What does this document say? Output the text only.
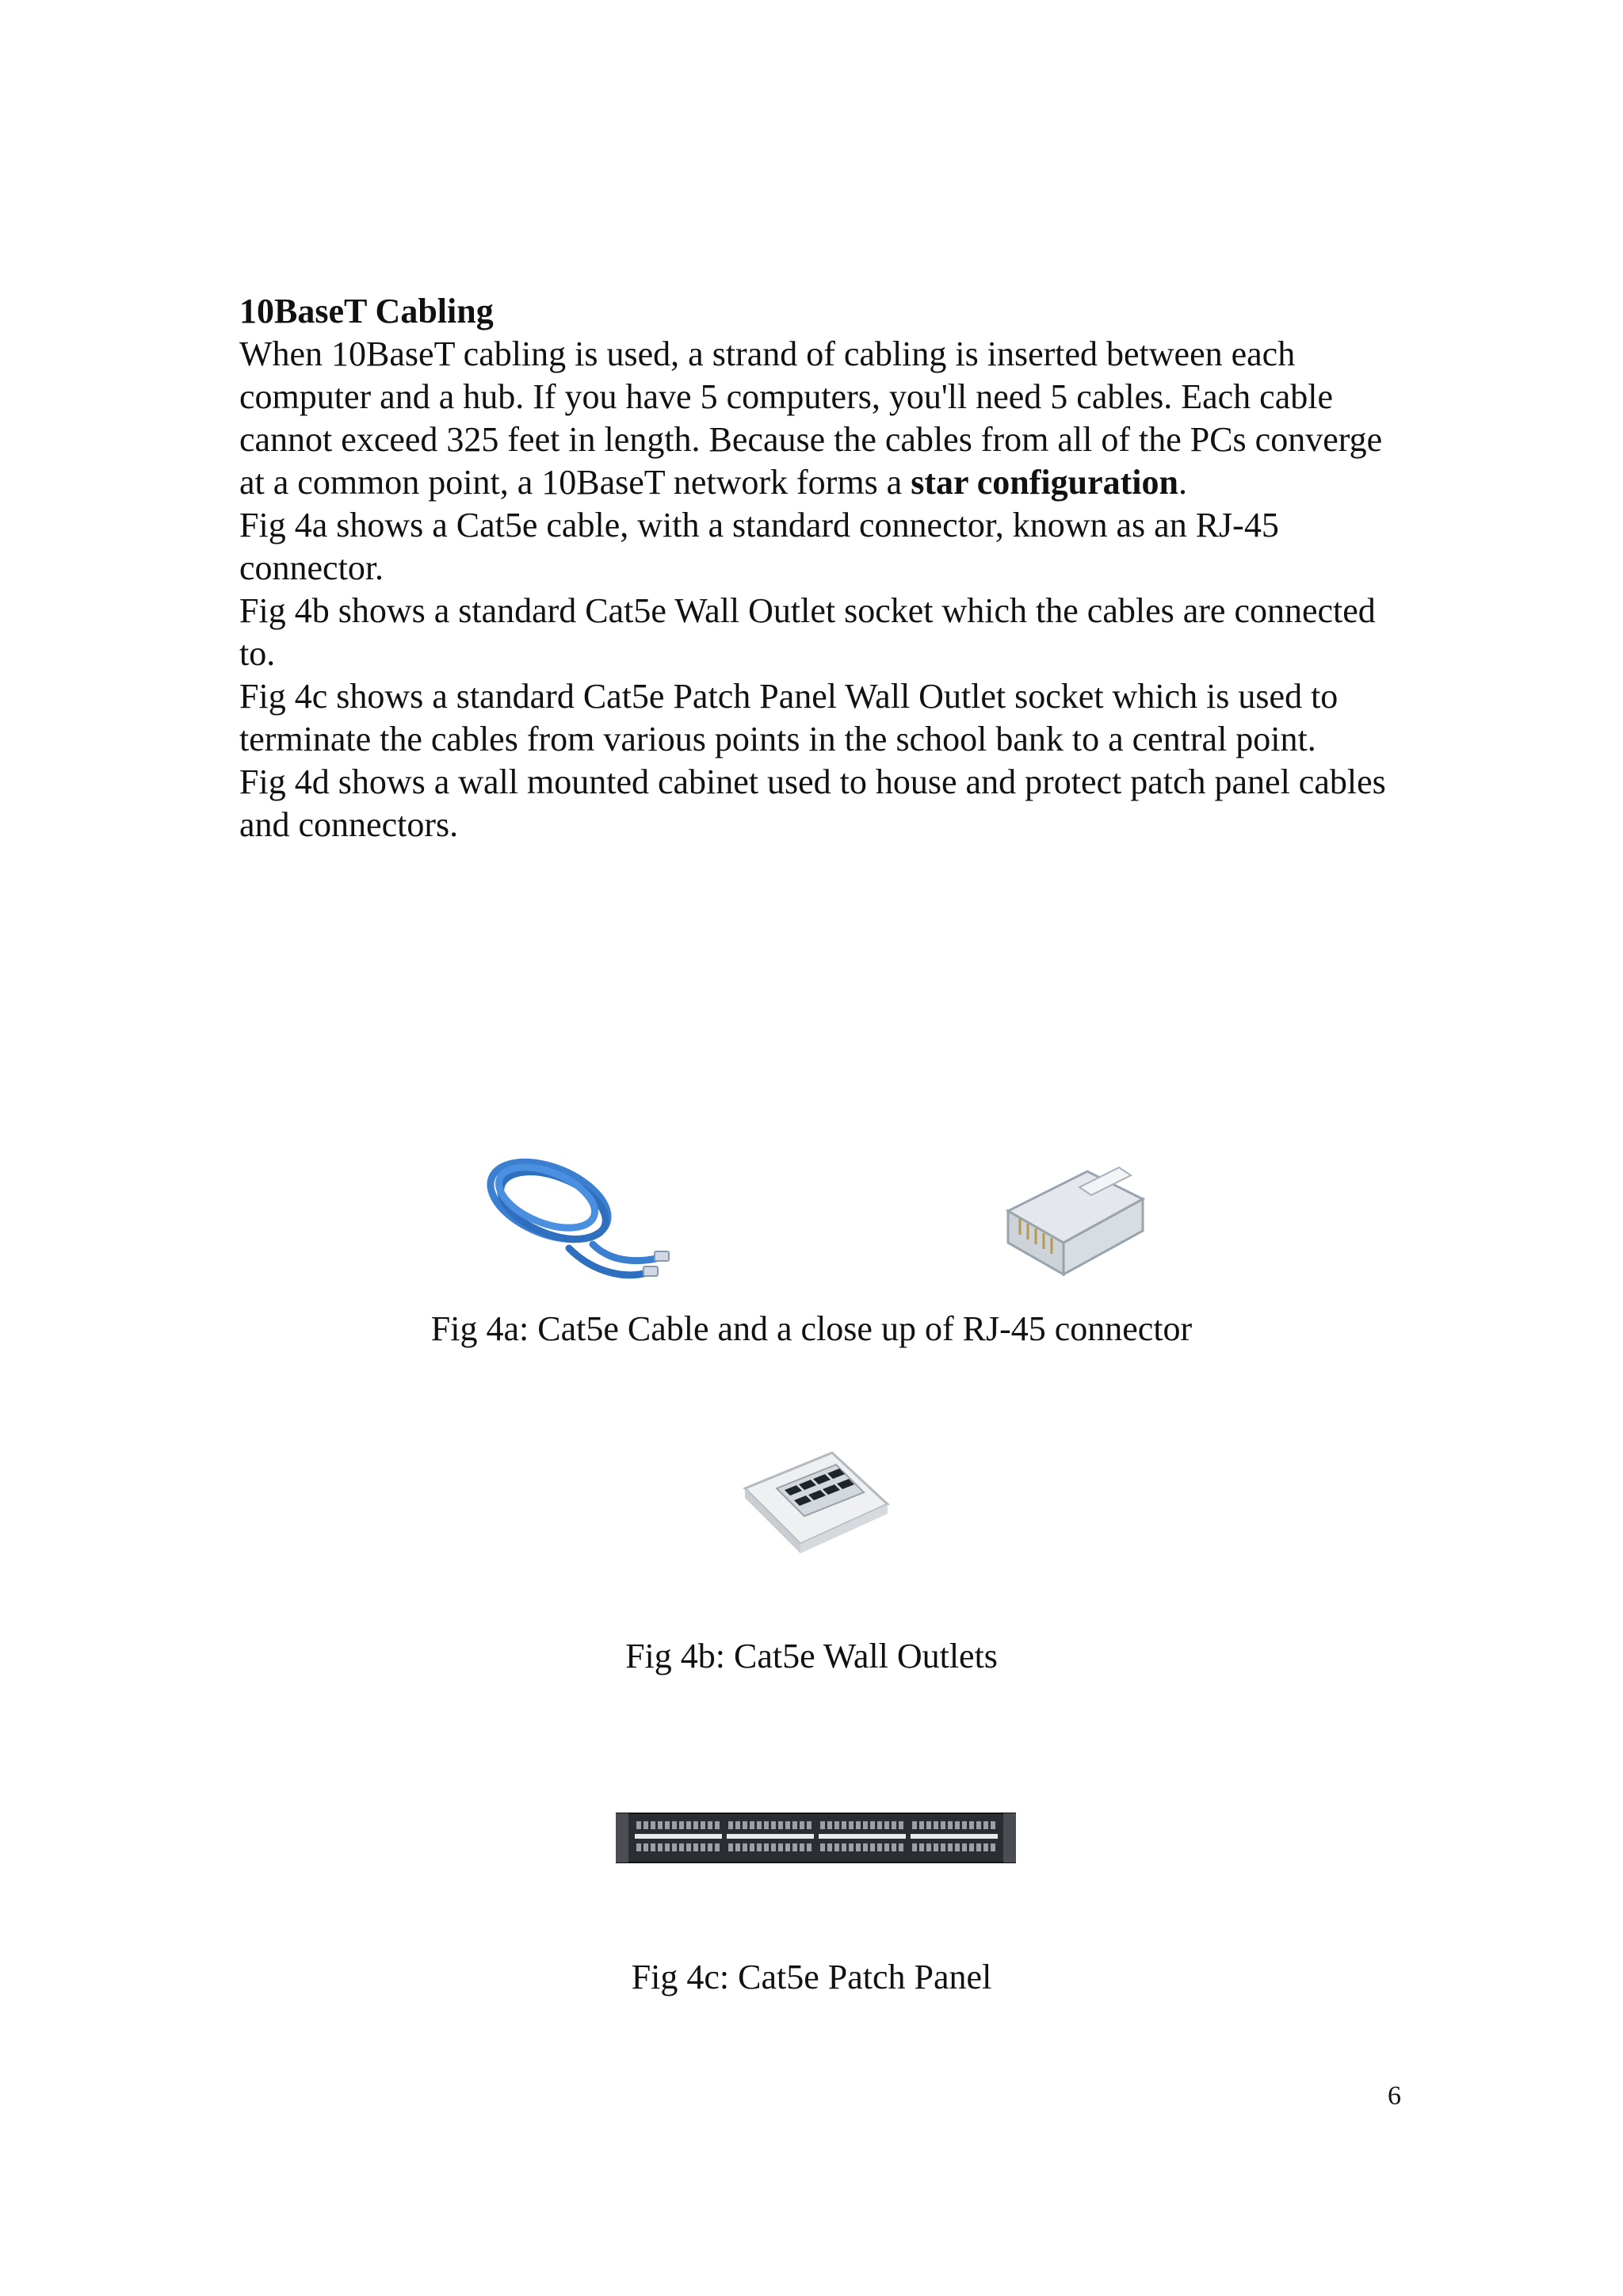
10BaseT Cabling

When 10BaseT cabling is used, a strand of cabling is inserted between each computer and a hub. If you have 5 computers, you'll need 5 cables. Each cable cannot exceed 325 feet in length. Because the cables from all of the PCs converge at a common point, a 10BaseT network forms a star configuration.

Fig 4a shows a Cat5e cable, with a standard connector, known as an RJ-45 connector.

Fig 4b shows a standard Cat5e Wall Outlet socket which the cables are connected to.

Fig 4c shows a standard Cat5e Patch Panel Wall Outlet socket which is used to terminate the cables from various points in the school bank to a central point.

Fig 4d shows a wall mounted cabinet used to house and protect patch panel cables and connectors.

Fig 4a: Cat5e Cable and a close up of RJ-45 connector
Fig 4b: Cat5e Wall Outlets
Fig 4c: Cat5e Patch Panel
6
